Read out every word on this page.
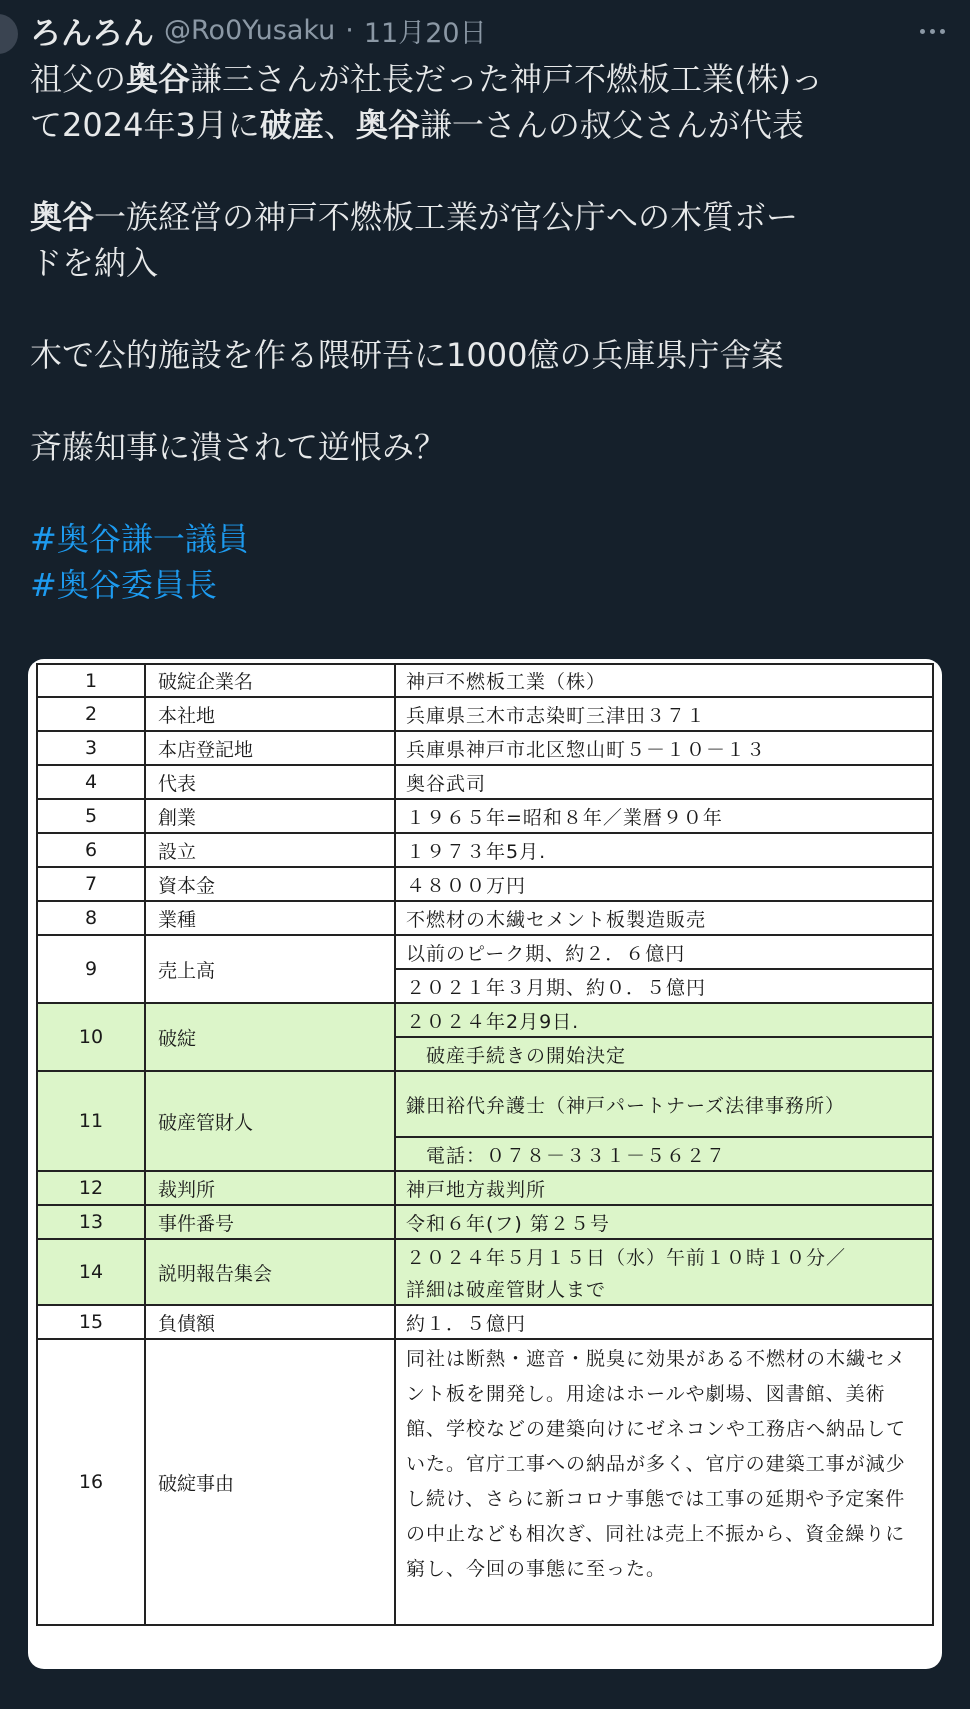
ろんろん @Ro0Yusaku · 11月20日

祖父の奥谷謙三さんが社長だった神戸不燃板工業(株)っ

て2024年3月に破産、奥谷謙一さんの叔父さんが代表

奥谷一族経営の神戸不燃板工業が官公庁への木質ボー

ドを納入

木で公的施設を作る隈研吾に1000億の兵庫県庁舎案

斉藤知事に潰されて逆恨み？

#奥谷謙一議員

#奥谷委員長

1	破綻企業名	神戸不燃板工業（株）
2	本社地	兵庫県三木市志染町三津田３７１
3	本店登記地	兵庫県神戸市北区惣山町５－１０－１３
4	代表	奥谷武司
5	創業	１９６５年=昭和８年／業暦９０年
6	設立	１９７３年5月.
7	資本金	４８００万円
8	業種	不燃材の木繊セメント板製造販売
9	売上高	以前のピーク期、約２．６億円
		２０２１年３月期、約０．５億円
10	破綻	２０２４年2月9日.
		破産手続きの開始決定
11	破産管財人	鎌田裕代弁護士（神戸パートナーズ法律事務所）
		電話：０７８－３３１－５６２７
12	裁判所	神戸地方裁判所
13	事件番号	令和６年(フ) 第２５号
14	説明報告集会	２０２４年５月１５日（水）午前１０時１０分／
		詳細は破産管財人まで
15	負債額	約１．５億円
16	破綻事由	同社は断熱・遮音・脱臭に効果がある不燃材の木繊セメント板を開発し。用途はホールや劇場、図書館、美術館、学校などの建築向けにゼネコンや工務店へ納品していた。官庁工事への納品が多く、官庁の建築工事が減少し続け、さらに新コロナ事態では工事の延期や予定案件の中止なども相次ぎ、同社は売上不振から、資金繰りに窮し、今回の事態に至った。
